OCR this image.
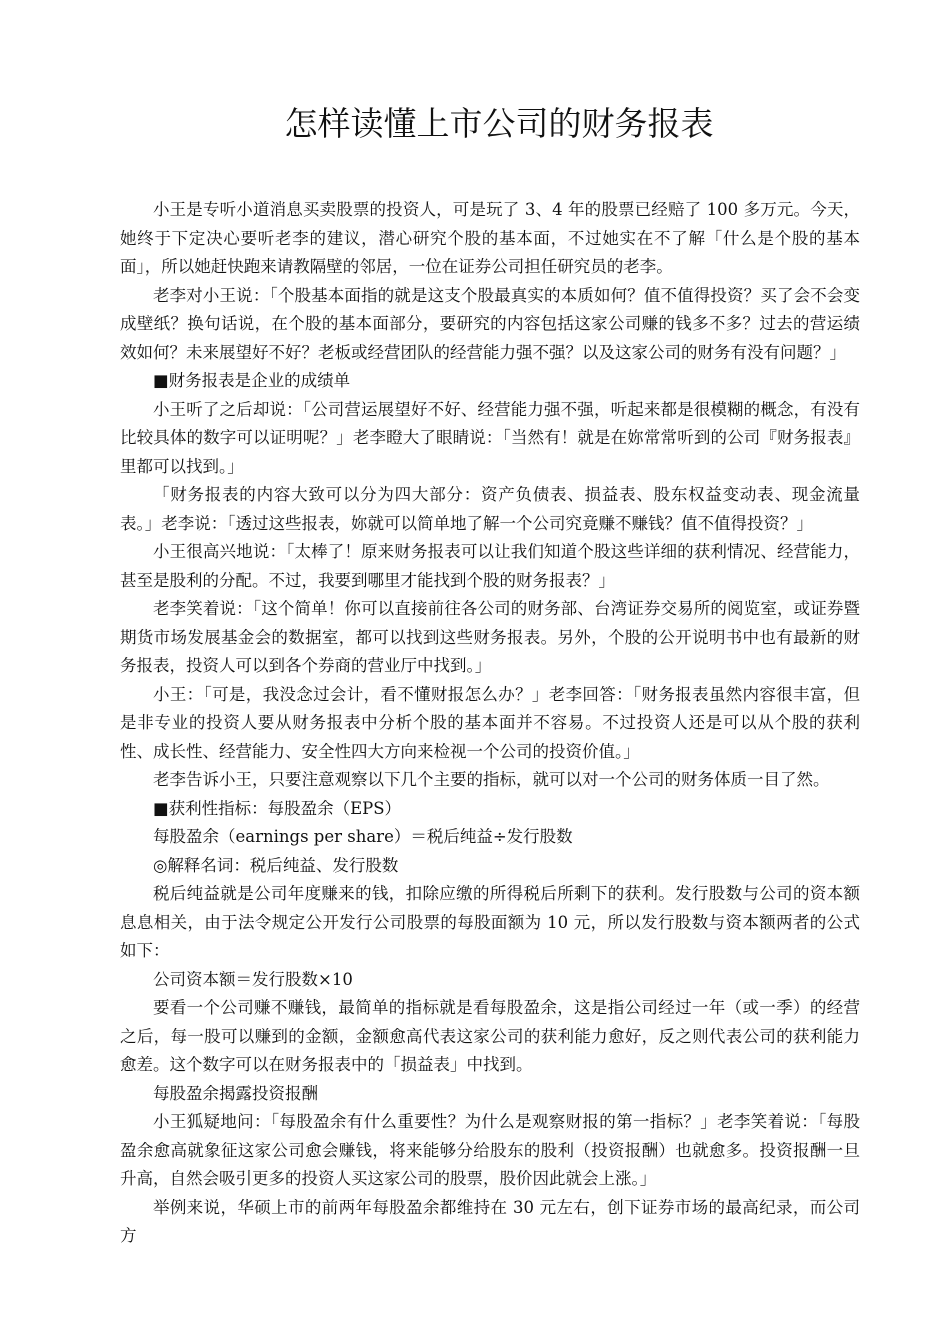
怎样读懂上市公司的财务报表

小王是专听小道消息买卖股票的投资人，可是玩了 3、4 年的股票已经赔了 100 多万元。今天，她终于下定决心要听老李的建议，潜心研究个股的基本面，不过她实在不了解「什么是个股的基本面」，所以她赶快跑来请教隔壁的邻居，一位在证券公司担任研究员的老李。

老李对小王说：「个股基本面指的就是这支个股最真实的本质如何？值不值得投资？买了会不会变成壁纸？换句话说，在个股的基本面部分，要研究的内容包括这家公司赚的钱多不多？过去的营运绩效如何？未来展望好不好？老板或经营团队的经营能力强不强？以及这家公司的财务有没有问题？」

■财务报表是企业的成绩单

小王听了之后却说：「公司营运展望好不好、经营能力强不强，听起来都是很模糊的概念，有没有比较具体的数字可以证明呢？」老李瞪大了眼睛说：「当然有！就是在妳常常听到的公司『财务报表』里都可以找到。」

「财务报表的内容大致可以分为四大部分：资产负债表、损益表、股东权益变动表、现金流量表。」老李说：「透过这些报表，妳就可以简单地了解一个公司究竟赚不赚钱？值不值得投资？」

小王很高兴地说：「太棒了！原来财务报表可以让我们知道个股这些详细的获利情况、经营能力，甚至是股利的分配。不过，我要到哪里才能找到个股的财务报表？」

老李笑着说：「这个简单！你可以直接前往各公司的财务部、台湾证券交易所的阅览室，或证券暨期货市场发展基金会的数据室，都可以找到这些财务报表。另外，个股的公开说明书中也有最新的财务报表，投资人可以到各个券商的营业厅中找到。」

小王：「可是，我没念过会计，看不懂财报怎么办？」老李回答：「财务报表虽然内容很丰富，但是非专业的投资人要从财务报表中分析个股的基本面并不容易。不过投资人还是可以从个股的获利性、成长性、经营能力、安全性四大方向来检视一个公司的投资价值。」

老李告诉小王，只要注意观察以下几个主要的指标，就可以对一个公司的财务体质一目了然。

■获利性指标：每股盈余（EPS）

每股盈余（earnings per share）＝税后纯益÷发行股数

◎解释名词：税后纯益、发行股数

税后纯益就是公司年度赚来的钱，扣除应缴的所得税后所剩下的获利。发行股数与公司的资本额息息相关，由于法令规定公开发行公司股票的每股面额为 10 元，所以发行股数与资本额两者的公式如下：

公司资本额＝发行股数×10

要看一个公司赚不赚钱，最简单的指标就是看每股盈余，这是指公司经过一年（或一季）的经营之后，每一股可以赚到的金额，金额愈高代表这家公司的获利能力愈好，反之则代表公司的获利能力愈差。这个数字可以在财务报表中的「损益表」中找到。

每股盈余揭露投资报酬

小王狐疑地问：「每股盈余有什么重要性？为什么是观察财报的第一指标？」老李笑着说：「每股盈余愈高就象征这家公司愈会赚钱，将来能够分给股东的股利（投资报酬）也就愈多。投资报酬一旦升高，自然会吸引更多的投资人买这家公司的股票，股价因此就会上涨。」

举例来说，华硕上市的前两年每股盈余都维持在 30 元左右，创下证券市场的最高纪录，而公司方
